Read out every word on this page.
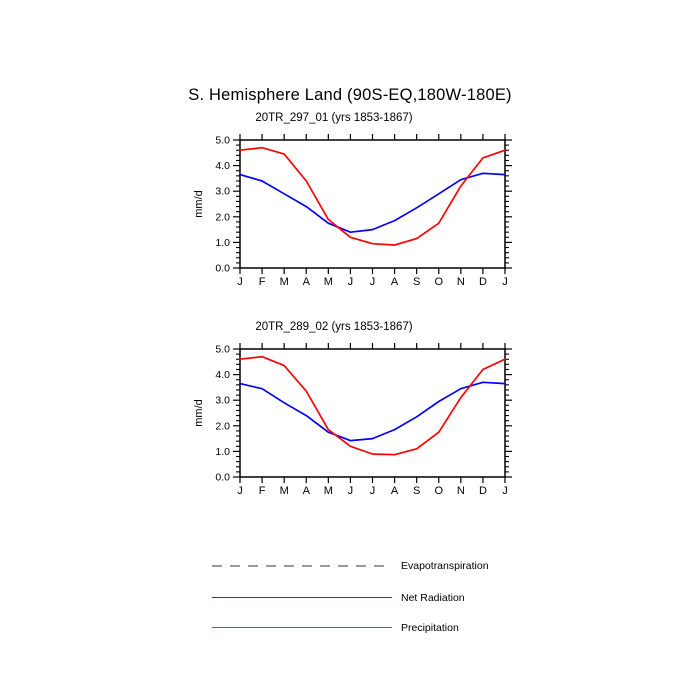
S. Hemisphere Land (90S-EQ,180W-180E)
20TR_297_01 (yrs 1853-1867)
mm/d
0.0
1.0
2.0
3.0
4.0
5.0
J F M A M J J A S O N D J
20TR_289_02 (yrs 1853-1867)
mm/d
0.0
1.0
2.0
3.0
4.0
5.0
J F M A M J J A S O N D J
Evapotranspiration
Net Radiation
Precipitation
